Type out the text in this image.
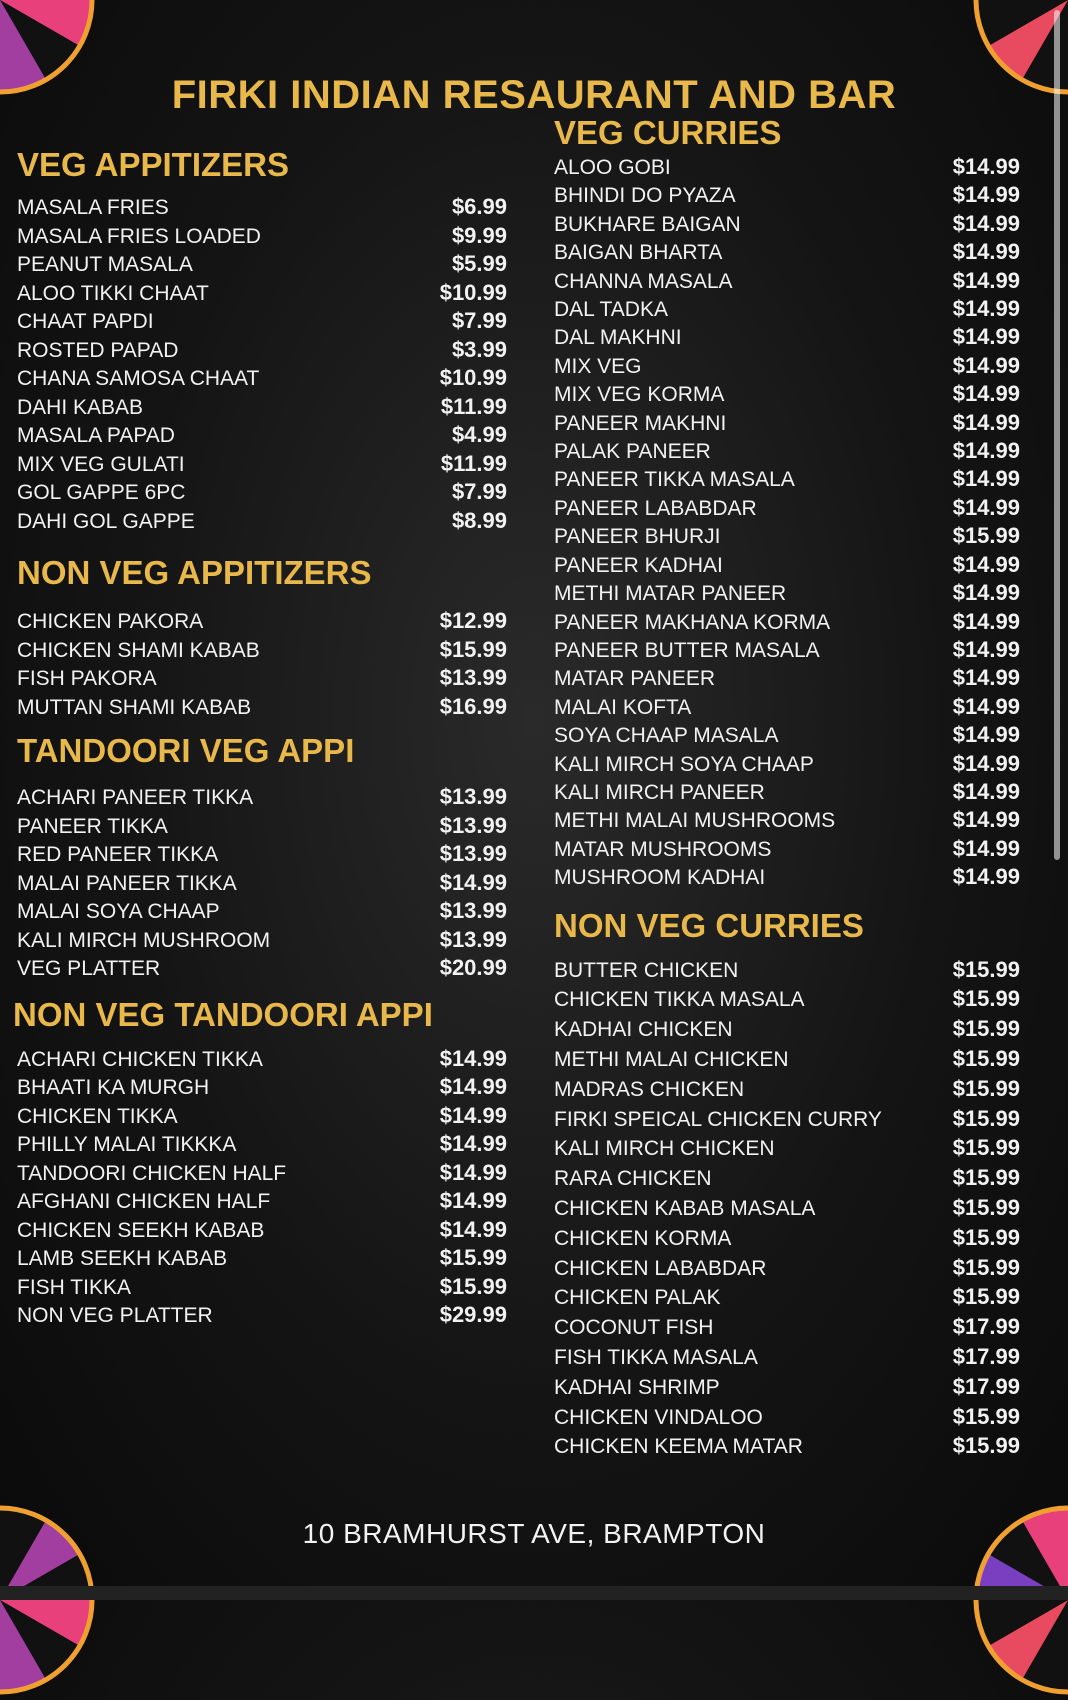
FIRKI INDIAN RESAURANT AND BAR
VEG APPITIZERS
MASALA FRIES	$6.99
MASALA FRIES LOADED	$9.99
PEANUT MASALA	$5.99
ALOO TIKKI CHAAT	$10.99
CHAAT PAPDI	$7.99
ROSTED PAPAD	$3.99
CHANA SAMOSA CHAAT	$10.99
DAHI KABAB	$11.99
MASALA PAPAD	$4.99
MIX VEG GULATI	$11.99
GOL GAPPE 6PC	$7.99
DAHI GOL GAPPE	$8.99
NON VEG APPITIZERS
CHICKEN PAKORA	$12.99
CHICKEN SHAMI KABAB	$15.99
FISH PAKORA	$13.99
MUTTAN SHAMI KABAB	$16.99
TANDOORI VEG APPI
ACHARI PANEER TIKKA	$13.99
PANEER TIKKA	$13.99
RED PANEER TIKKA	$13.99
MALAI PANEER TIKKA	$14.99
MALAI SOYA CHAAP	$13.99
KALI MIRCH MUSHROOM	$13.99
VEG PLATTER	$20.99
NON VEG TANDOORI APPI
ACHARI CHICKEN TIKKA	$14.99
BHAATI KA MURGH	$14.99
CHICKEN TIKKA	$14.99
PHILLY MALAI TIKKKA	$14.99
TANDOORI CHICKEN HALF	$14.99
AFGHANI CHICKEN HALF	$14.99
CHICKEN SEEKH KABAB	$14.99
LAMB SEEKH KABAB	$15.99
FISH TIKKA	$15.99
NON VEG PLATTER	$29.99
VEG CURRIES
ALOO GOBI	$14.99
BHINDI DO PYAZA	$14.99
BUKHARE BAIGAN	$14.99
BAIGAN BHARTA	$14.99
CHANNA MASALA	$14.99
DAL TADKA	$14.99
DAL MAKHNI	$14.99
MIX VEG	$14.99
MIX VEG KORMA	$14.99
PANEER MAKHNI	$14.99
PALAK PANEER	$14.99
PANEER TIKKA MASALA	$14.99
PANEER LABABDAR	$14.99
PANEER BHURJI	$15.99
PANEER KADHAI	$14.99
METHI MATAR PANEER	$14.99
PANEER MAKHANA KORMA	$14.99
PANEER BUTTER MASALA	$14.99
MATAR PANEER	$14.99
MALAI KOFTA	$14.99
SOYA CHAAP MASALA	$14.99
KALI MIRCH SOYA CHAAP	$14.99
KALI MIRCH PANEER	$14.99
METHI MALAI MUSHROOMS	$14.99
MATAR MUSHROOMS	$14.99
MUSHROOM KADHAI	$14.99
NON VEG CURRIES
BUTTER CHICKEN	$15.99
CHICKEN TIKKA MASALA	$15.99
KADHAI CHICKEN	$15.99
METHI MALAI CHICKEN	$15.99
MADRAS CHICKEN	$15.99
FIRKI SPEICAL CHICKEN CURRY	$15.99
KALI MIRCH CHICKEN	$15.99
RARA CHICKEN	$15.99
CHICKEN KABAB MASALA	$15.99
CHICKEN KORMA	$15.99
CHICKEN LABABDAR	$15.99
CHICKEN PALAK	$15.99
COCONUT FISH	$17.99
FISH TIKKA MASALA	$17.99
KADHAI SHRIMP	$17.99
CHICKEN VINDALOO	$15.99
CHICKEN KEEMA MATAR	$15.99
10 BRAMHURST AVE, BRAMPTON
